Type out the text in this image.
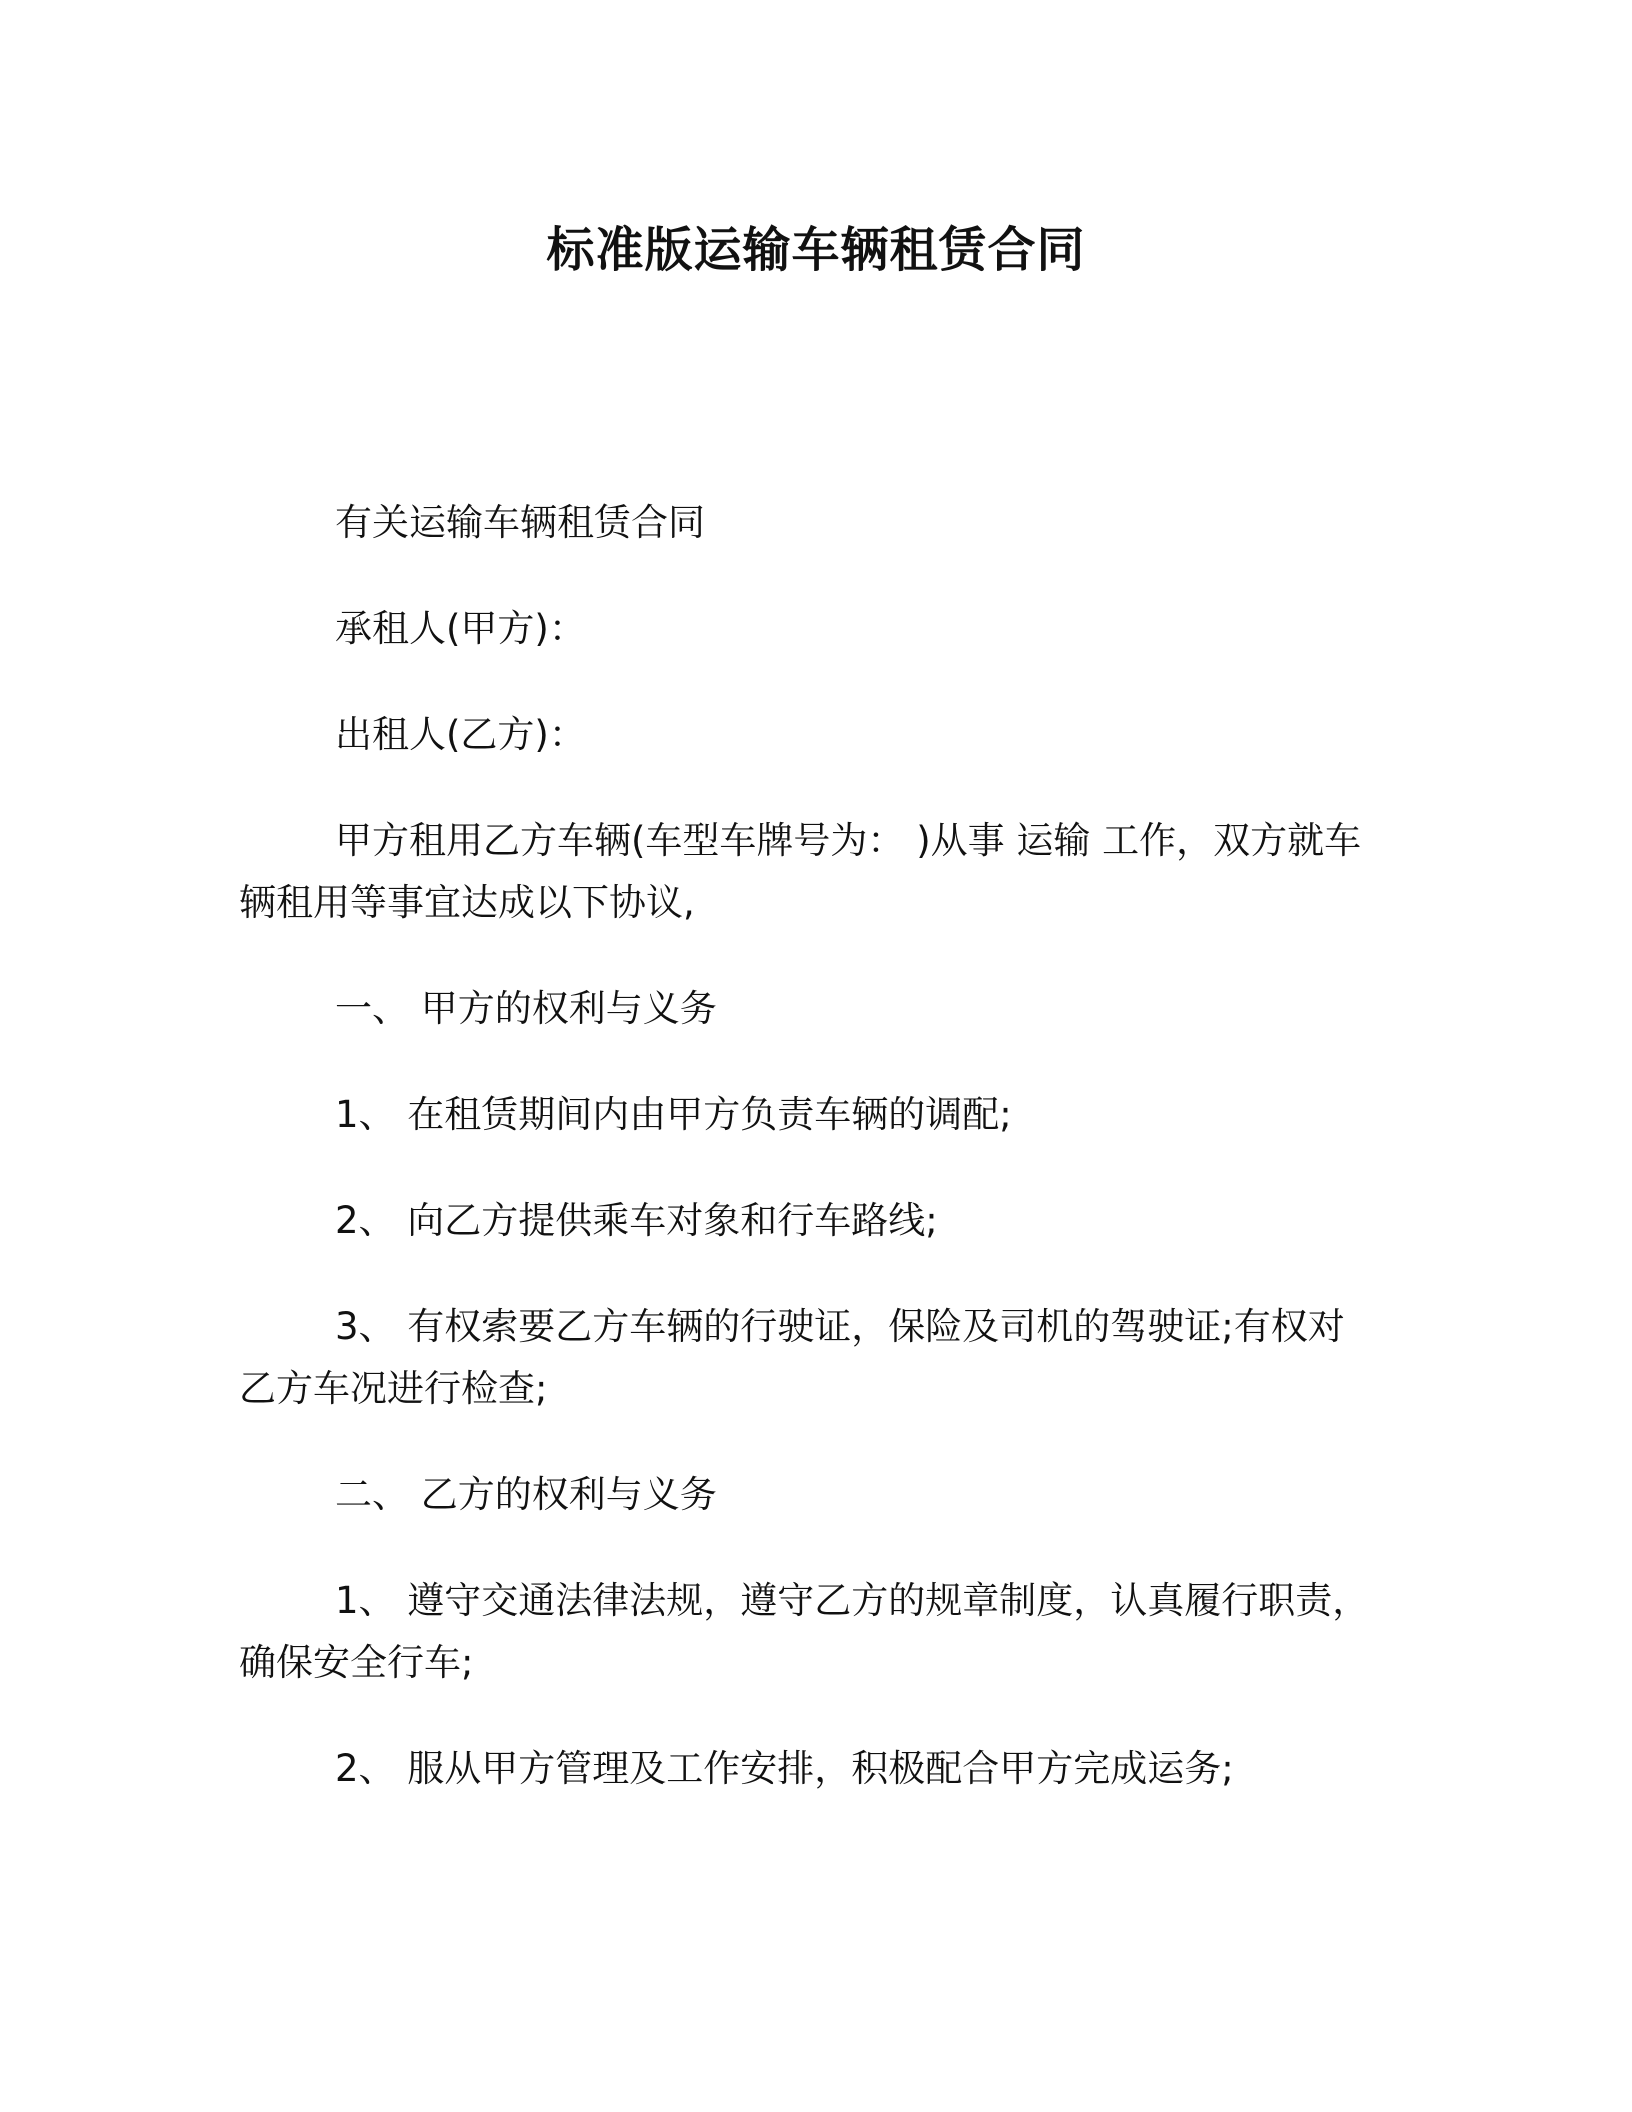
标准版运输车辆租赁合同

有关运输车辆租赁合同

承租人(甲方)：

出租人(乙方)：

甲方租用乙方车辆(车型车牌号为： )从事 运输 工作，双方就车辆租用等事宜达成以下协议,

一、 甲方的权利与义务

1、 在租赁期间内由甲方负责车辆的调配;

2、 向乙方提供乘车对象和行车路线;

3、 有权索要乙方车辆的行驶证，保险及司机的驾驶证;有权对乙方车况进行检查;

二、 乙方的权利与义务

1、 遵守交通法律法规，遵守乙方的规章制度，认真履行职责，确保安全行车;

2、 服从甲方管理及工作安排，积极配合甲方完成运务;
